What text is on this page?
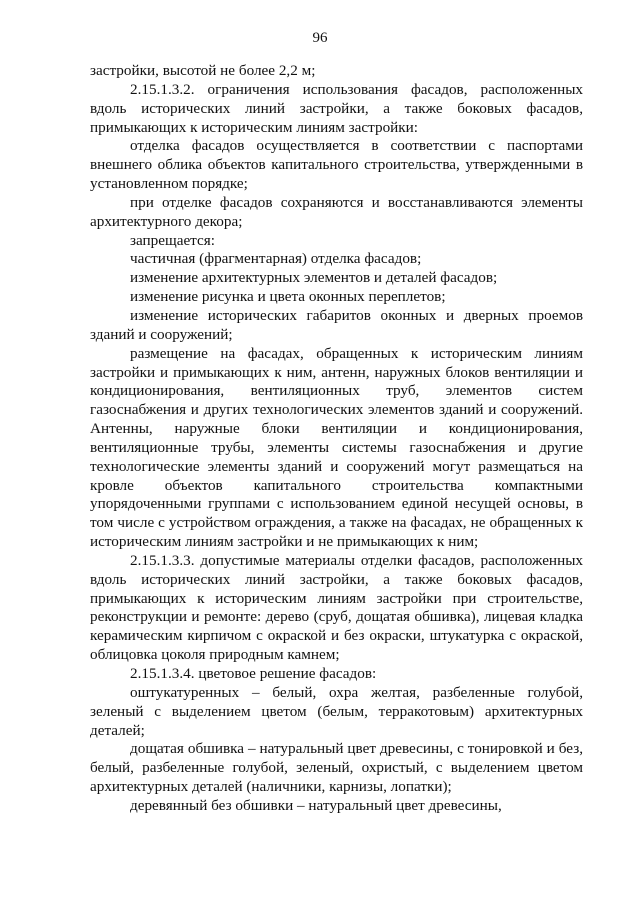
96

застройки, высотой не более 2,2 м;

2.15.1.3.2. ограничения использования фасадов, расположенных вдоль исторических линий застройки, а также боковых фасадов, примыкающих к историческим линиям застройки:

отделка фасадов осуществляется в соответствии с паспортами внешнего облика объектов капитального строительства, утвержденными в установленном порядке;

при отделке фасадов сохраняются и восстанавливаются элементы архитектурного декора;

запрещается:

частичная (фрагментарная) отделка фасадов;

изменение архитектурных элементов и деталей фасадов;

изменение рисунка и цвета оконных переплетов;

изменение исторических габаритов оконных и дверных проемов зданий и сооружений;

размещение на фасадах, обращенных к историческим линиям застройки и примыкающих к ним, антенн, наружных блоков вентиляции и кондиционирования, вентиляционных труб, элементов систем газоснабжения и других технологических элементов зданий и сооружений. Антенны, наружные блоки вентиляции и кондиционирования, вентиляционные трубы, элементы системы газоснабжения и другие технологические элементы зданий и сооружений могут размещаться на кровле объектов капитального строительства компактными упорядоченными группами с использованием единой несущей основы, в том числе с устройством ограждения, а также на фасадах, не обращенных к историческим линиям застройки и не примыкающих к ним;

2.15.1.3.3. допустимые материалы отделки фасадов, расположенных вдоль исторических линий застройки, а также боковых фасадов, примыкающих к историческим линиям застройки при строительстве, реконструкции и ремонте: дерево (сруб, дощатая обшивка), лицевая кладка керамическим кирпичом с окраской и без окраски, штукатурка с окраской, облицовка цоколя природным камнем;

2.15.1.3.4. цветовое решение фасадов:

оштукатуренных – белый, охра желтая, разбеленные голубой, зеленый с выделением цветом (белым, терракотовым) архитектурных деталей;

дощатая обшивка – натуральный цвет древесины, с тонировкой и без, белый, разбеленные голубой, зеленый, охристый, с выделением цветом архитектурных деталей (наличники, карнизы, лопатки);

деревянный без обшивки – натуральный цвет древесины,
